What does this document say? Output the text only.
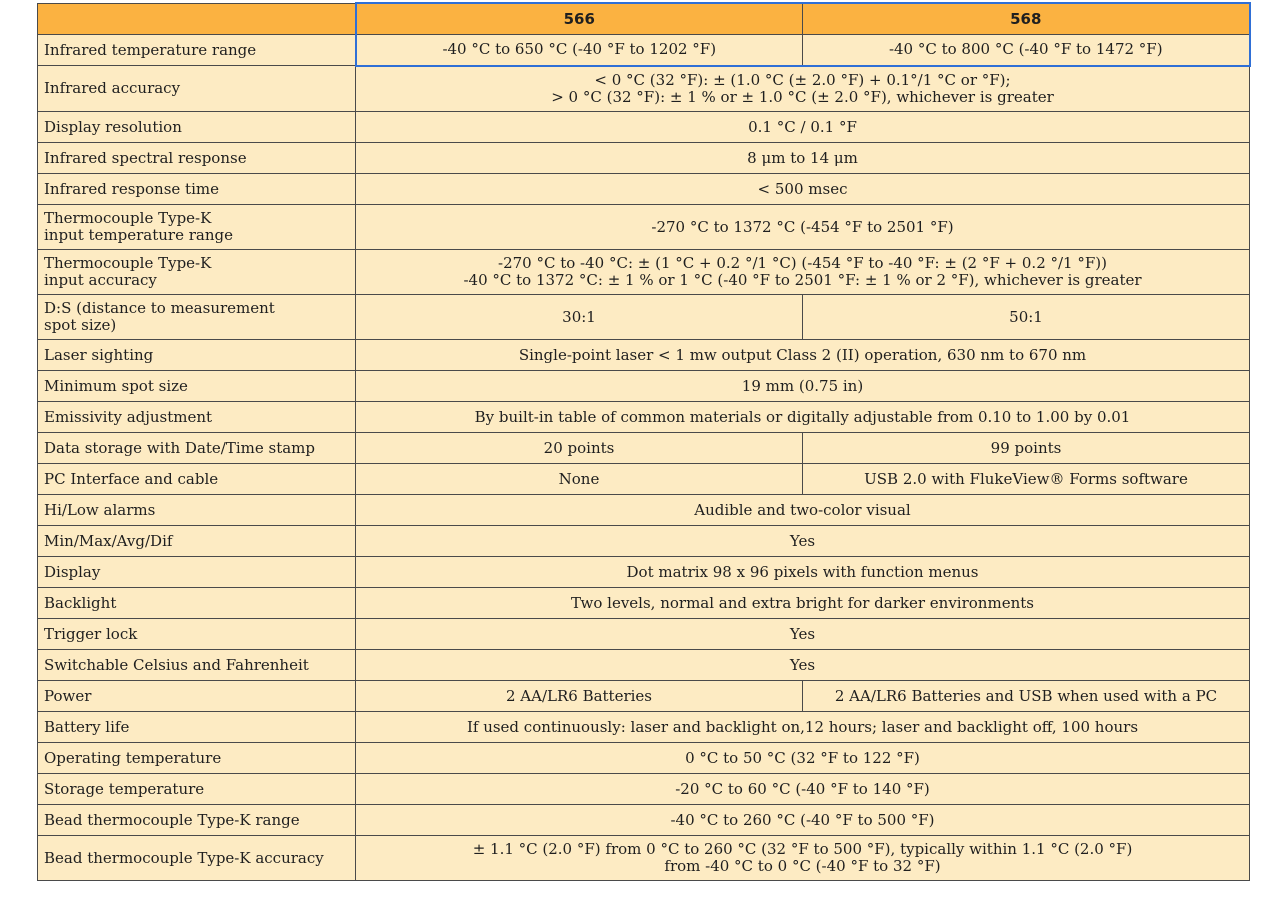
	566	568
Infrared temperature range	-40 °C to 650 °C (-40 °F to 1202 °F)	-40 °C to 800 °C (-40 °F to 1472 °F)
Infrared accuracy	< 0 °C (32 °F): ± (1.0 °C (± 2.0 °F) + 0.1°/1 °C or °F);
> 0 °C (32 °F): ± 1 % or ± 1.0 °C (± 2.0 °F), whichever is greater	

Display resolution	0.1 °C / 0.1 °F	
Infrared spectral response	8 μm to 14 μm	
Infrared response time	< 500 msec	

Thermocouple Type-K
input temperature range	-270 °C to 1372 °C (-454 °F to 2501 °F)	

Thermocouple Type-K
input accuracy	-270 °C to -40 °C: ± (1 °C + 0.2 °/1 °C) (-454 °F to -40 °F: ± (2 °F + 0.2 °/1 °F))
-40 °C to 1372 °C: ± 1 % or 1 °C (-40 °F to 2501 °F: ± 1 % or 2 °F), whichever is greater	

D:S (distance to measurement
spot size)	30:1	50:1
Laser sighting	Single-point laser < 1 mw output Class 2 (II) operation, 630 nm to 670 nm	
Minimum spot size	19 mm (0.75 in)	
Emissivity adjustment	By built-in table of common materials or digitally adjustable from 0.10 to 1.00 by 0.01	
Data storage with Date/Time stamp	20 points	99 points
PC Interface and cable	None	USB 2.0 with FlukeView® Forms software
Hi/Low alarms	Audible and two-color visual	
Min/Max/Avg/Dif	Yes	
Display	Dot matrix 98 x 96 pixels with function menus	
Backlight	Two levels, normal and extra bright for darker environments	
Trigger lock	Yes	
Switchable Celsius and Fahrenheit	Yes	
Power	2 AA/LR6 Batteries	2 AA/LR6 Batteries and USB when used with a PC
Battery life	If used continuously: laser and backlight on,12 hours; laser and backlight off, 100 hours	
Operating temperature	0 °C to 50 °C (32 °F to 122 °F)	
Storage temperature	-20 °C to 60 °C (-40 °F to 140 °F)	
Bead thermocouple Type-K range	-40 °C to 260 °C (-40 °F to 500 °F)	
Bead thermocouple Type-K accuracy	± 1.1 °C (2.0 °F) from 0 °C to 260 °C (32 °F to 500 °F), typically within 1.1 °C (2.0 °F)
from -40 °C to 0 °C (-40 °F to 32 °F)	
